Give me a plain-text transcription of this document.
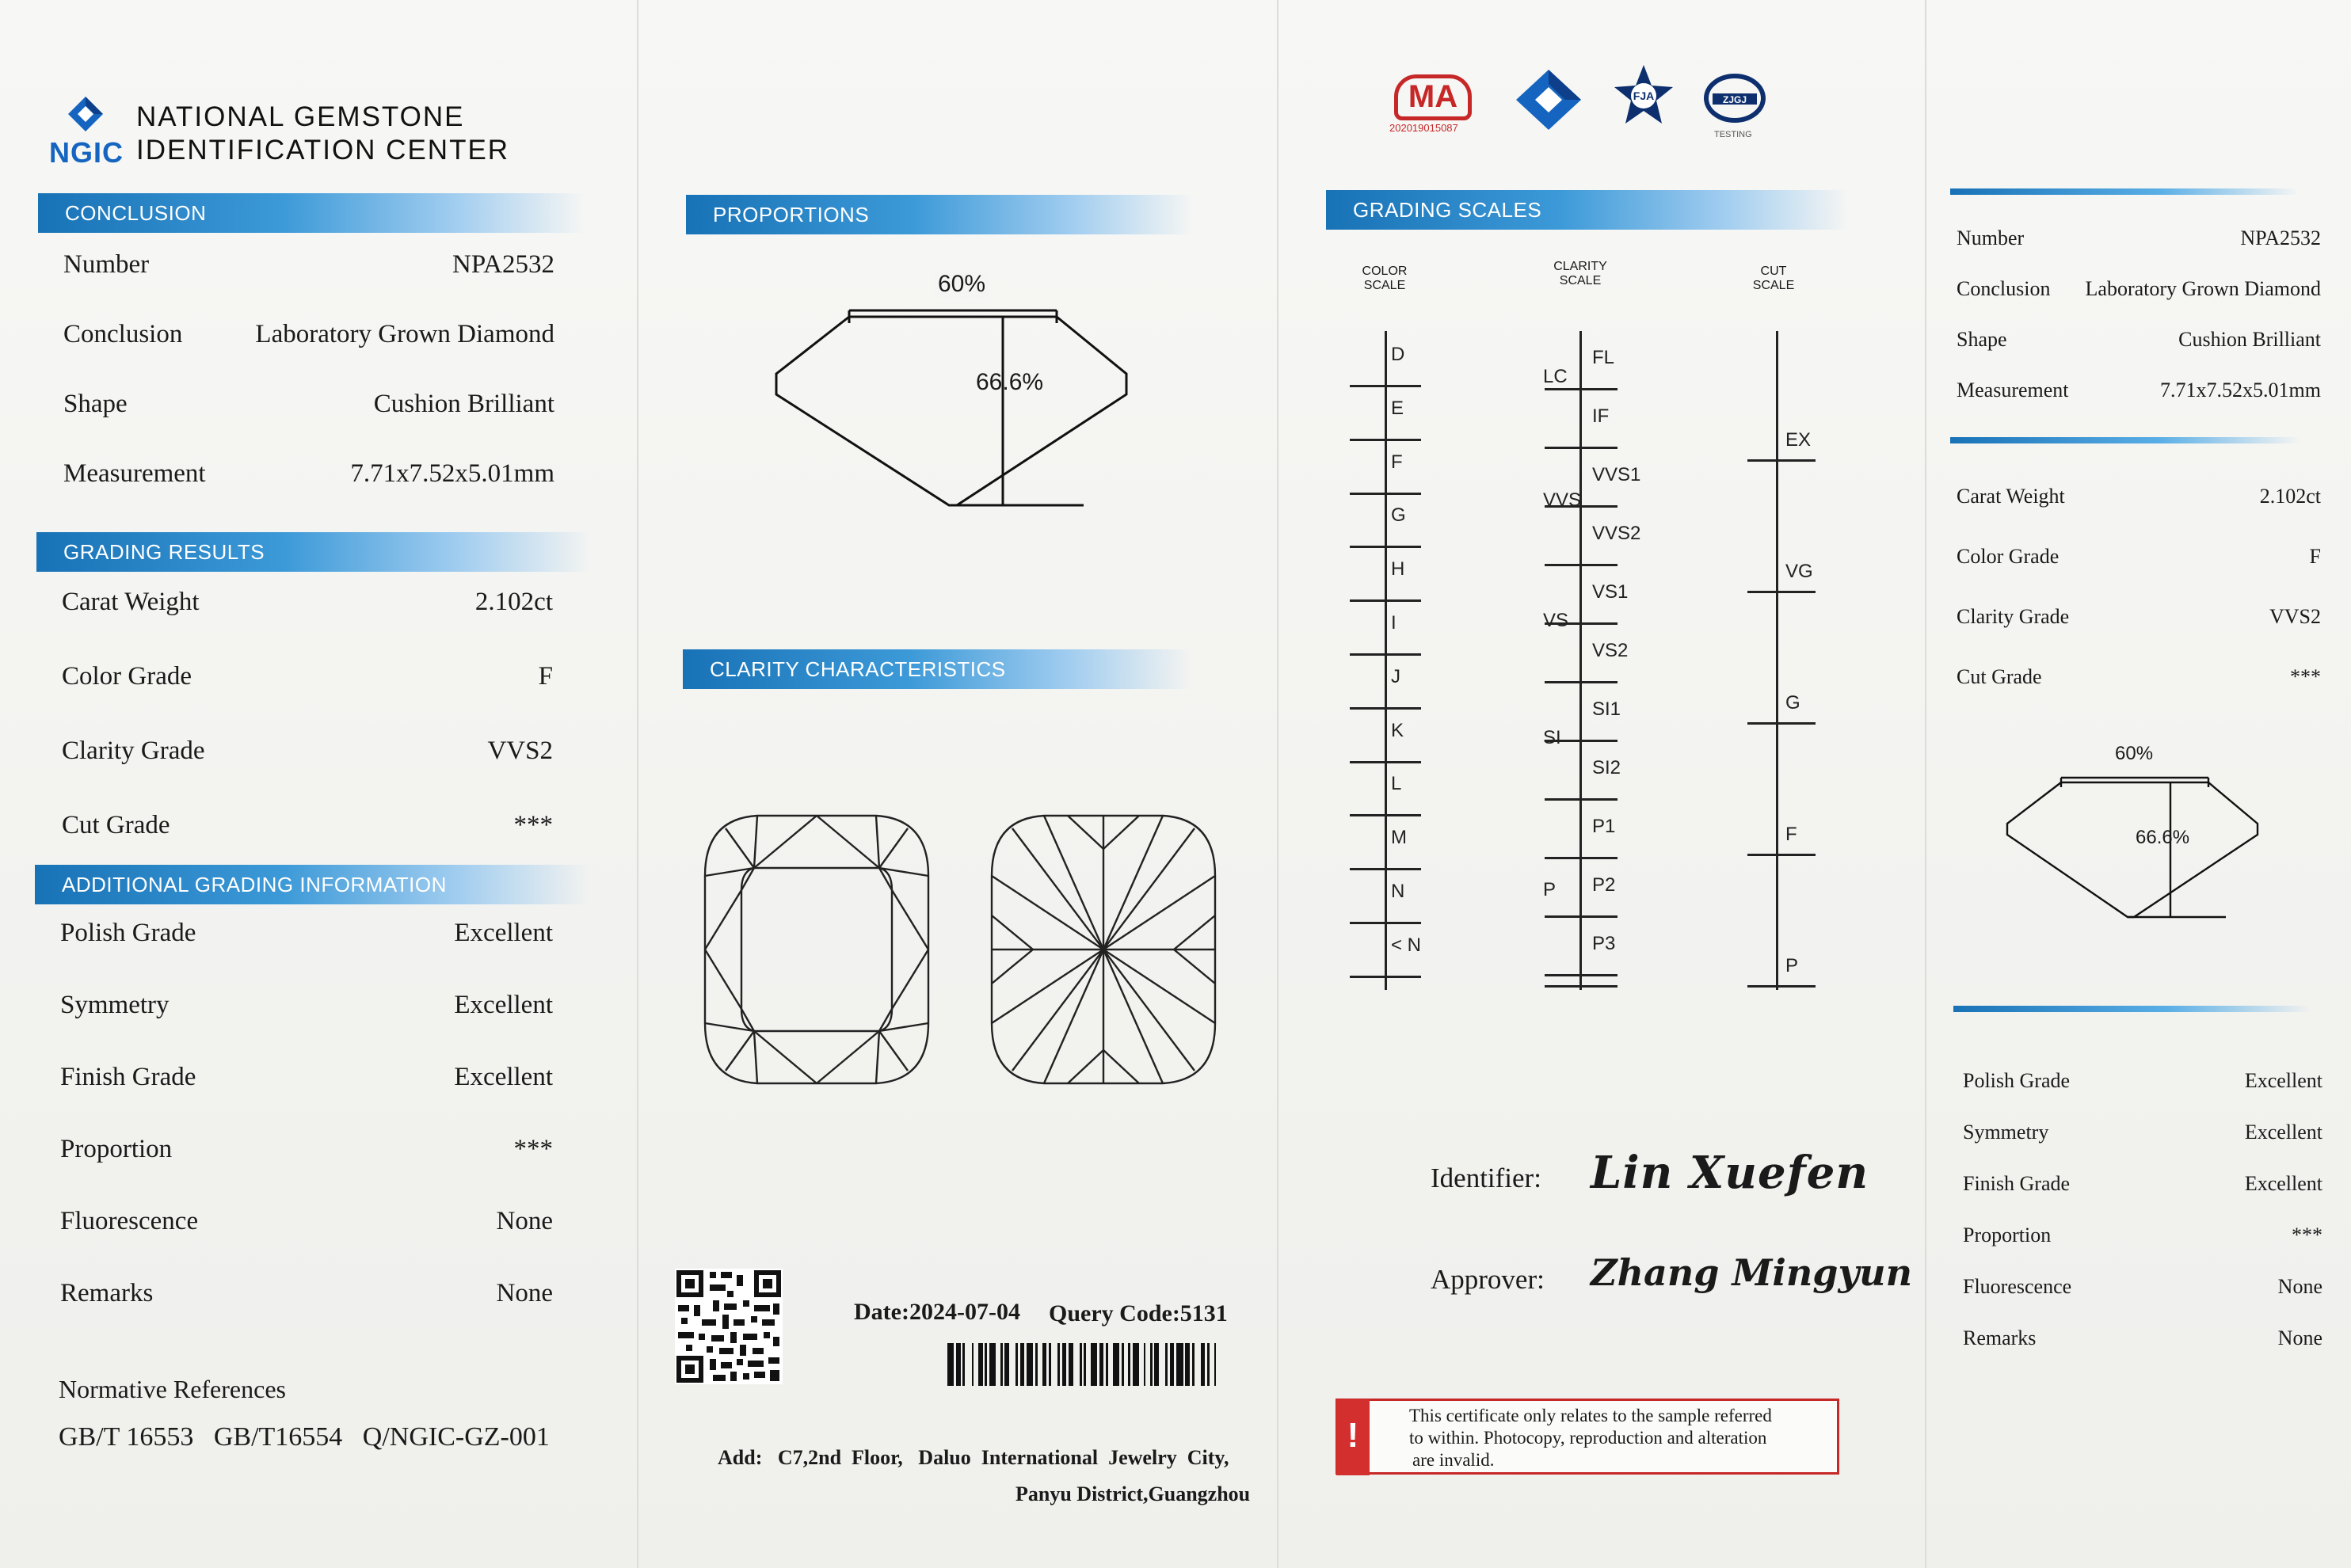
NGIC
NATIONAL GEMSTONE
IDENTIFICATION CENTER
CONCLUSION
Number	NPA2532
Conclusion	Laboratory Grown Diamond
Shape	Cushion Brilliant
Measurement	7.71x7.52x5.01mm
GRADING RESULTS
Carat Weight	2.102ct
Color Grade	F
Clarity Grade	VVS2
Cut Grade	***
ADDITIONAL GRADING INFORMATION
Polish Grade	Excellent
Symmetry	Excellent
Finish Grade	Excellent
Proportion	***
Fluorescence	None
Remarks	None
Normative References
GB/T 16553   GB/T16554   Q/NGIC-GZ-001
PROPORTIONS
60%
66.6%
CLARITY CHARACTERISTICS
Date:2024-07-04 Query Code:5131
Add:   C7,2nd  Floor,   Daluo  International  Jewelry  City,
Panyu District,Guangzhou
MA
202019015087
FJA	ZJGJ
TESTING
GRADING SCALES
COLOR
SCALE
CLARITY
SCALE
CUT
SCALE
D
E
F
G
H
I
J
K
L
M
N
< N
FL
IF
VVS1
VVS2
VS1
VS2
SI1
SI2
P1
P2
P3
LC
VVS
VS
SI
P
EX
VG
G
F
P
Identifier: Lin Xuefen
Approver: Zhang Mingyun
!
This certificate only relates to the sample referred
to within. Photocopy, reproduction and alteration
are invalid.
Number	NPA2532
Conclusion Laboratory Grown Diamond
Shape	Cushion Brilliant
Measurement	7.71x7.52x5.01mm
Carat Weight	2.102ct
Color Grade	F
Clarity Grade	VVS2
Cut Grade	***
60%
66.6%
Polish Grade	Excellent
Symmetry	Excellent
Finish Grade	Excellent
Proportion	***
Fluorescence	None
Remarks	None
